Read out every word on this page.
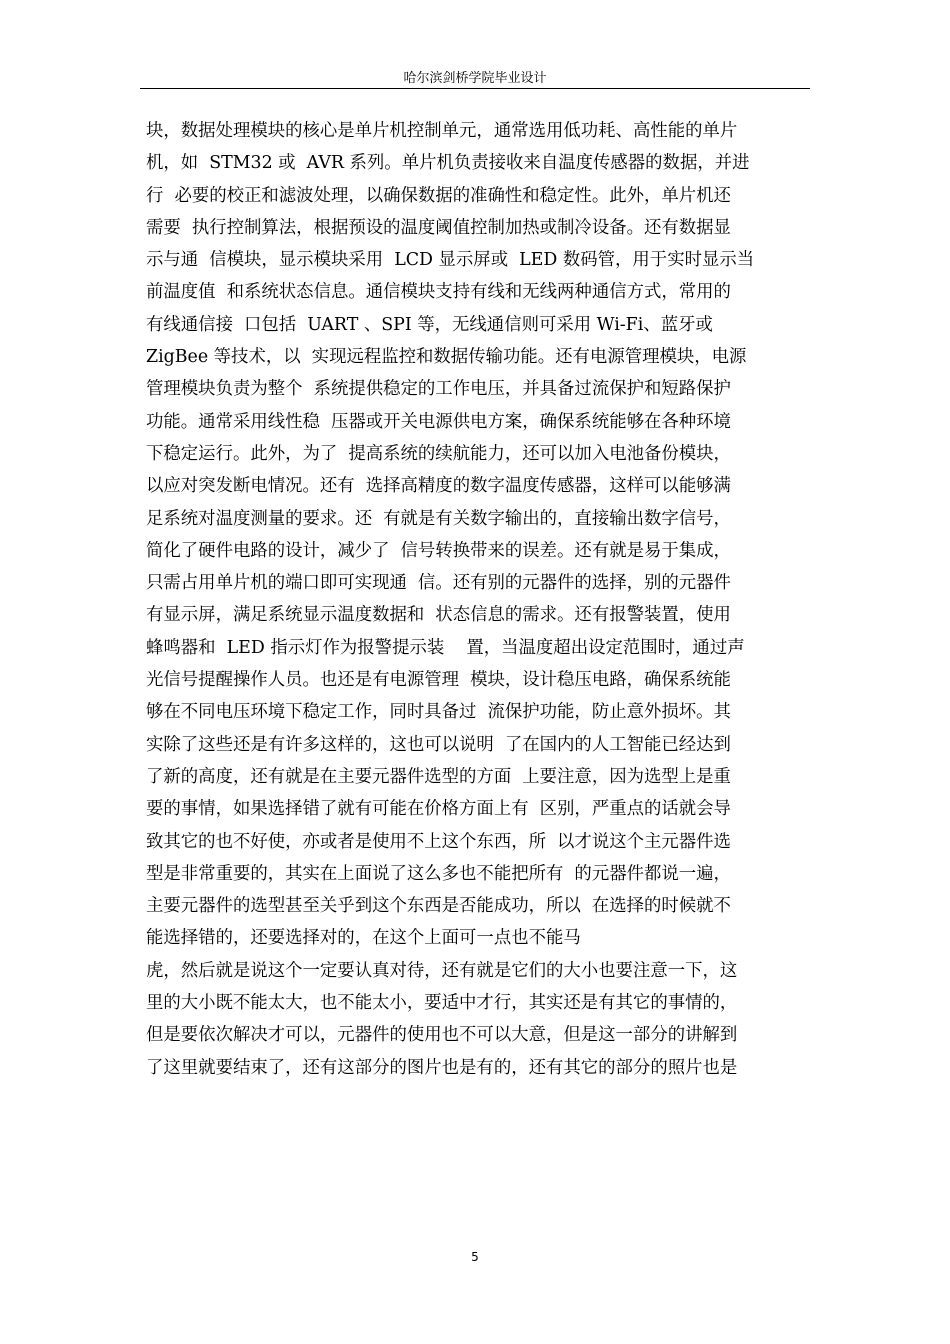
哈尔滨剑桥学院毕业设计
块，数据处理模块的核心是单片机控制单元，通常选用低功耗、高性能的单片
机，如  STM32 或  AVR 系列。单片机负责接收来自温度传感器的数据，并进
行  必要的校正和滤波处理，以确保数据的准确性和稳定性。此外，单片机还
需要  执行控制算法，根据预设的温度阈值控制加热或制冷设备。还有数据显
示与通  信模块，显示模块采用  LCD 显示屏或  LED 数码管，用于实时显示当
前温度值  和系统状态信息。通信模块支持有线和无线两种通信方式，常用的
有线通信接  口包括  UART 、SPI 等，无线通信则可采用 Wi-Fi、蓝牙或
ZigBee 等技术，以  实现远程监控和数据传输功能。还有电源管理模块，电源
管理模块负责为整个  系统提供稳定的工作电压，并具备过流保护和短路保护
功能。通常采用线性稳  压器或开关电源供电方案，确保系统能够在各种环境
下稳定运行。此外，为了  提高系统的续航能力，还可以加入电池备份模块，
以应对突发断电情况。还有  选择高精度的数字温度传感器，这样可以能够满
足系统对温度测量的要求。还  有就是有关数字输出的，直接输出数字信号，
简化了硬件电路的设计，减少了  信号转换带来的误差。还有就是易于集成，
只需占用单片机的端口即可实现通  信。还有别的元器件的选择，别的元器件
有显示屏，满足系统显示温度数据和  状态信息的需求。还有报警装置，使用
蜂鸣器和  LED 指示灯作为报警提示装    置，当温度超出设定范围时，通过声
光信号提醒操作人员。也还是有电源管理  模块，设计稳压电路，确保系统能
够在不同电压环境下稳定工作，同时具备过  流保护功能，防止意外损坏。其
实除了这些还是有许多这样的，这也可以说明  了在国内的人工智能已经达到
了新的高度，还有就是在主要元器件选型的方面  上要注意，因为选型上是重
要的事情，如果选择错了就有可能在价格方面上有  区别，严重点的话就会导
致其它的也不好使，亦或者是使用不上这个东西，所  以才说这个主元器件选
型是非常重要的，其实在上面说了这么多也不能把所有  的元器件都说一遍，
主要元器件的选型甚至关乎到这个东西是否能成功，所以  在选择的时候就不
能选择错的，还要选择对的，在这个上面可一点也不能马
虎，然后就是说这个一定要认真对待，还有就是它们的大小也要注意一下，这
里的大小既不能太大，也不能太小，要适中才行，其实还是有其它的事情的，
但是要依次解决才可以，元器件的使用也不可以大意，但是这一部分的讲解到
了这里就要结束了，还有这部分的图片也是有的，还有其它的部分的照片也是
5
